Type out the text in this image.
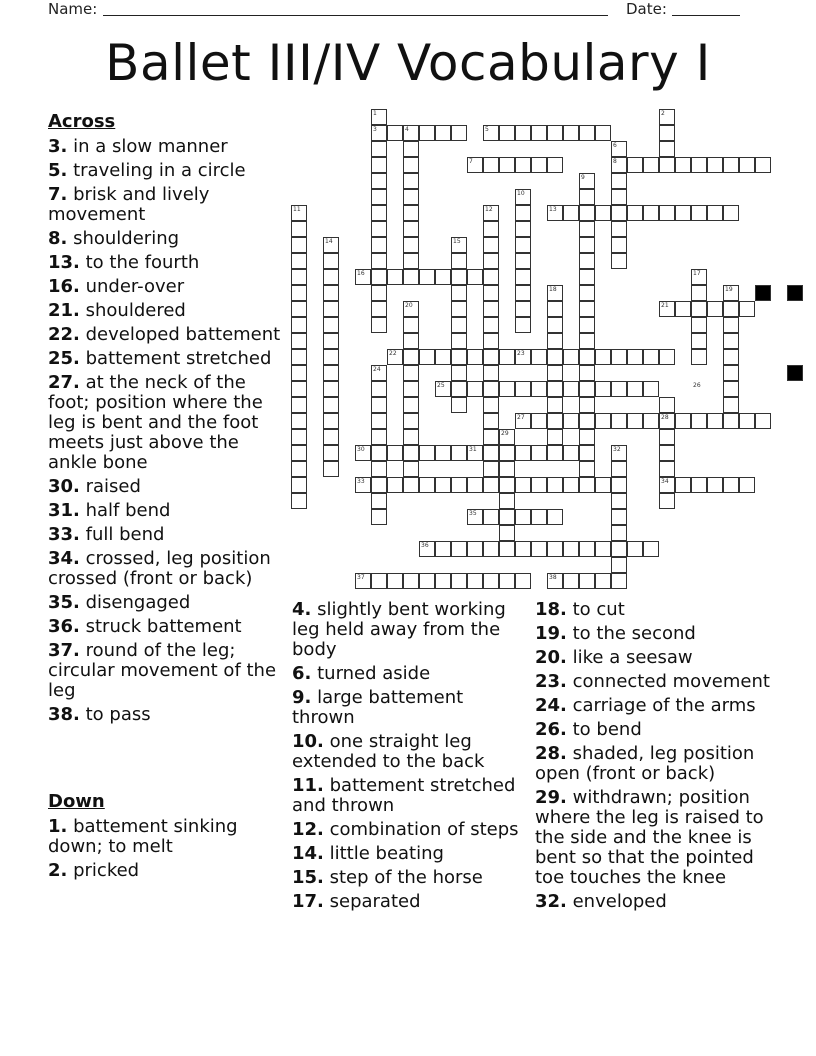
Name:	Date:
Ballet III/IV Vocabulary I
1	2
3	4	5
6
7	8
9
10
11	12	13
14	15
16	17
18	19
20	21
22	23
24
25	26
27	28
29
30	31	32
33	34
35
36
37	38
Across
3. in a slow manner
5. traveling in a circle
7. brisk and lively movement
8. shouldering
13. to the fourth
16. under-over
21. shouldered
22. developed battement
25. battement stretched
27. at the neck of the foot; position where the leg is bent and the foot meets just above the ankle bone
30. raised
31. half bend
33. full bend
34. crossed, leg position crossed (front or back)
35. disengaged
36. struck battement
37. round of the leg; circular movement of the leg
38. to pass
Down
1. battement sinking down; to melt
2. pricked
4. slightly bent working leg held away from the body
6. turned aside
9. large battement thrown
10. one straight leg extended to the back
11. battement stretched and thrown
12. combination of steps
14. little beating
15. step of the horse
17. separated
18. to cut
19. to the second
20. like a seesaw
23. connected movement
24. carriage of the arms
26. to bend
28. shaded, leg position open (front or back)
29. withdrawn; position where the leg is raised to the side and the knee is bent so that the pointed toe touches the knee
32. enveloped
